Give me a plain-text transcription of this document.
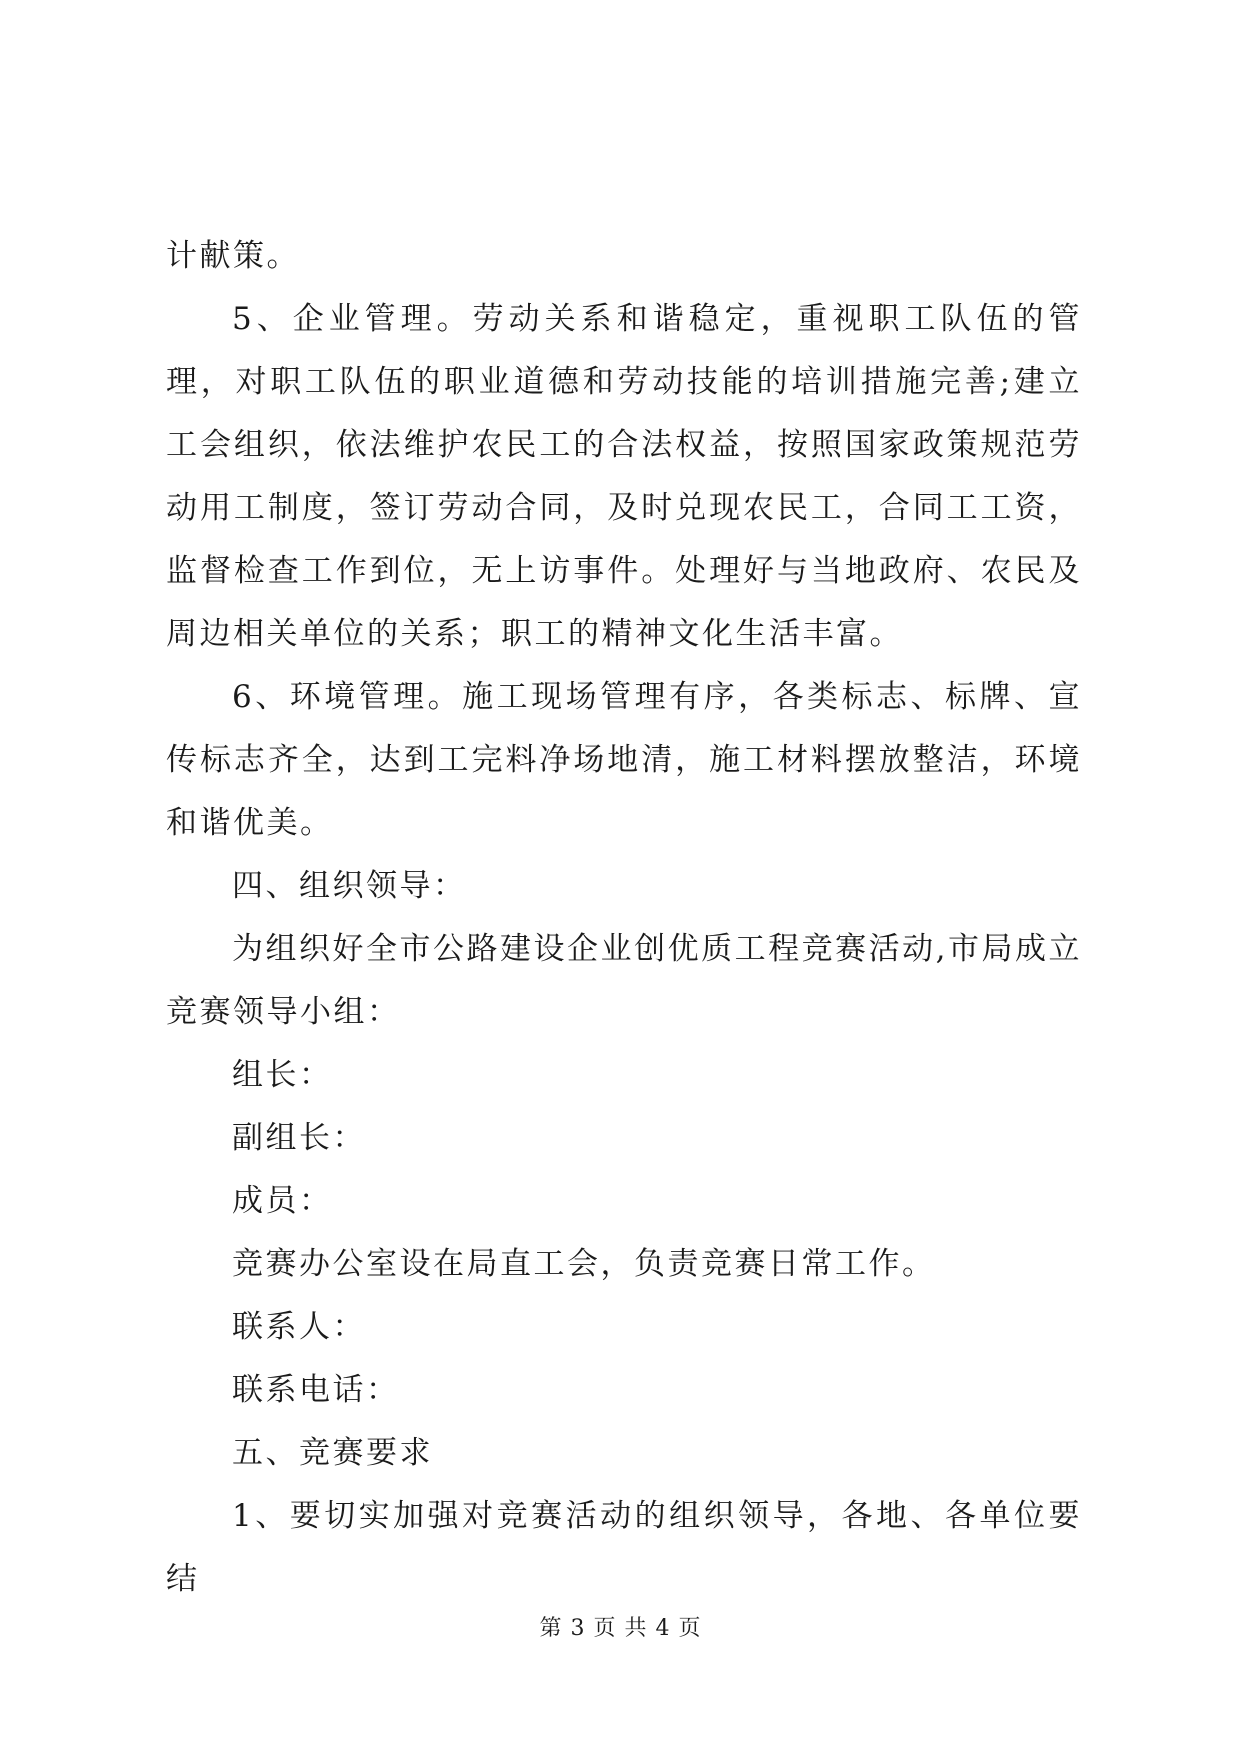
计献策。

5、企业管理。劳动关系和谐稳定，重视职工队伍的管理，对职工队伍的职业道德和劳动技能的培训措施完善;建立工会组织，依法维护农民工的合法权益，按照国家政策规范劳动用工制度，签订劳动合同，及时兑现农民工，合同工工资，监督检查工作到位，无上访事件。处理好与当地政府、农民及周边相关单位的关系；职工的精神文化生活丰富。

6、环境管理。施工现场管理有序，各类标志、标牌、宣传标志齐全，达到工完料净场地清，施工材料摆放整洁，环境和谐优美。

四、组织领导：

为组织好全市公路建设企业创优质工程竞赛活动,市局成立竞赛领导小组：

组长：

副组长：

成员：

竞赛办公室设在局直工会，负责竞赛日常工作。

联系人：

联系电话：

五、竞赛要求

1、要切实加强对竞赛活动的组织领导，各地、各单位要结

第 3 页 共 4 页
